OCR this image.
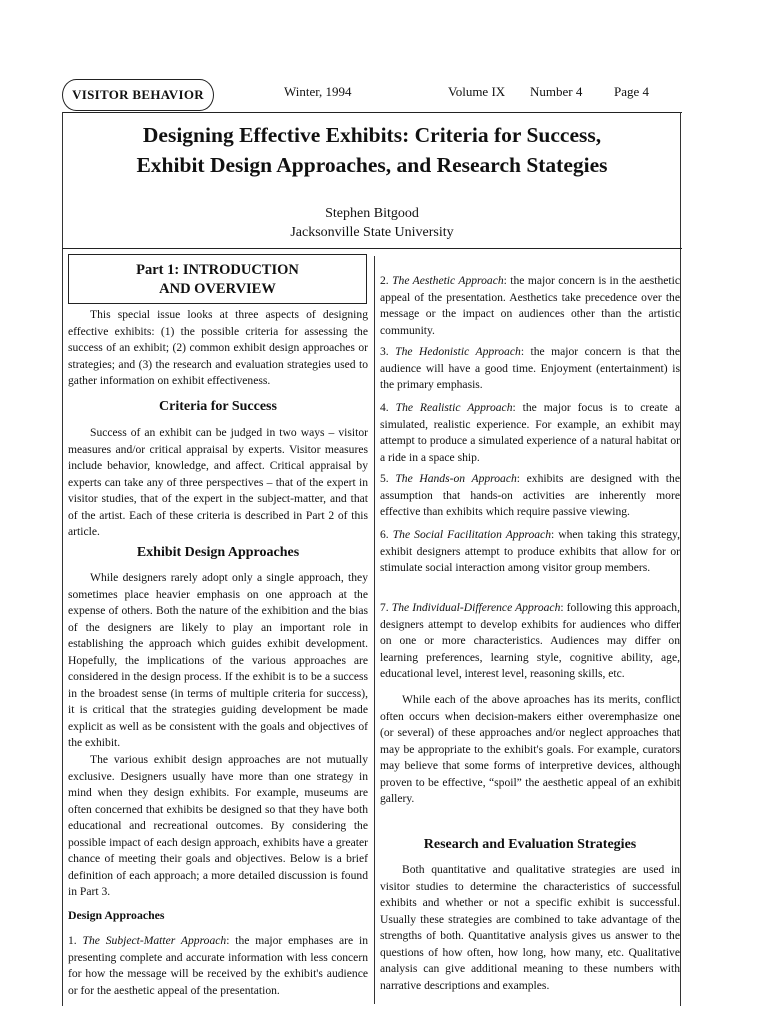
VISITOR BEHAVIOR	Winter, 1994	Volume IX Number 4 Page 4
Designing Effective Exhibits: Criteria for Success,
Exhibit Design Approaches, and Research Stategies
Stephen Bitgood
Jacksonville State University
Part 1: INTRODUCTION
AND OVERVIEW

This special issue looks at three aspects of designing effective exhibits: (1) the possible criteria for assessing the success of an exhibit; (2) common exhibit design approaches or strategies; and (3) the research and evaluation strategies used to gather information on exhibit effectiveness.

Criteria for Success

Success of an exhibit can be judged in two ways – visitor measures and/or critical appraisal by experts. Visitor measures include behavior, knowledge, and affect. Critical appraisal by experts can take any of three perspectives – that of the expert in visitor studies, that of the expert in the subject-matter, and that of the artist. Each of these criteria is described in Part 2 of this article.

Exhibit Design Approaches

While designers rarely adopt only a single approach, they sometimes place heavier emphasis on one approach at the expense of others. Both the nature of the exhibition and the bias of the designers are likely to play an important role in establishing the approach which guides exhibit development. Hopefully, the implications of the various approaches are considered in the design process. If the exhibit is to be a success in the broadest sense (in terms of multiple criteria for success), it is critical that the strategies guiding development be made explicit as well as be consistent with the goals and objectives of the exhibit.

The various exhibit design approaches are not mutually exclusive. Designers usually have more than one strategy in mind when they design exhibits. For example, museums are often concerned that exhibits be designed so that they have both educational and recreational outcomes. By considering the possible impact of each design approach, exhibits have a greater chance of meeting their goals and objectives. Below is a brief definition of each approach; a more detailed discussion is found in Part 3.

Design Approaches

1. The Subject-Matter Approach: the major emphases are in presenting complete and accurate information with less concern for how the message will be received by the exhibit's audience or for the aesthetic appeal of the presentation.

2. The Aesthetic Approach: the major concern is in the aesthetic appeal of the presentation. Aesthetics take precedence over the message or the impact on audiences other than the artistic community.

3. The Hedonistic Approach: the major concern is that the audience will have a good time. Enjoyment (entertainment) is the primary emphasis.

4. The Realistic Approach: the major focus is to create a simulated, realistic experience. For example, an exhibit may attempt to produce a simulated experience of a natural habitat or a ride in a space ship.

5. The Hands-on Approach: exhibits are designed with the assumption that hands-on activities are inherently more effective than exhibits which require passive viewing.

6. The Social Facilitation Approach: when taking this strategy, exhibit designers attempt to produce exhibits that allow for or stimulate social interaction among visitor group members.

7. The Individual-Difference Approach: following this approach, designers attempt to develop exhibits for audiences who differ on one or more characteristics. Audiences may differ on learning preferences, learning style, cognitive ability, age, educational level, interest level, reasoning skills, etc.

While each of the above aproaches has its merits, conflict often occurs when decision-makers either overemphasize one (or several) of these approaches and/or neglect approaches that may be appropriate to the exhibit's goals. For example, curators may believe that some forms of interpretive devices, although proven to be effective, “spoil” the aesthetic appeal of an exhibit gallery.

Research and Evaluation Strategies

Both quantitative and qualitative strategies are used in visitor studies to determine the characteristics of successful exhibits and whether or not a specific exhibit is successful. Usually these strategies are combined to take advantage of the strengths of both. Quantitative analysis gives us answer to the questions of how often, how long, how many, etc. Qualitative analysis can give additional meaning to these numbers with narrative descriptions and examples.
